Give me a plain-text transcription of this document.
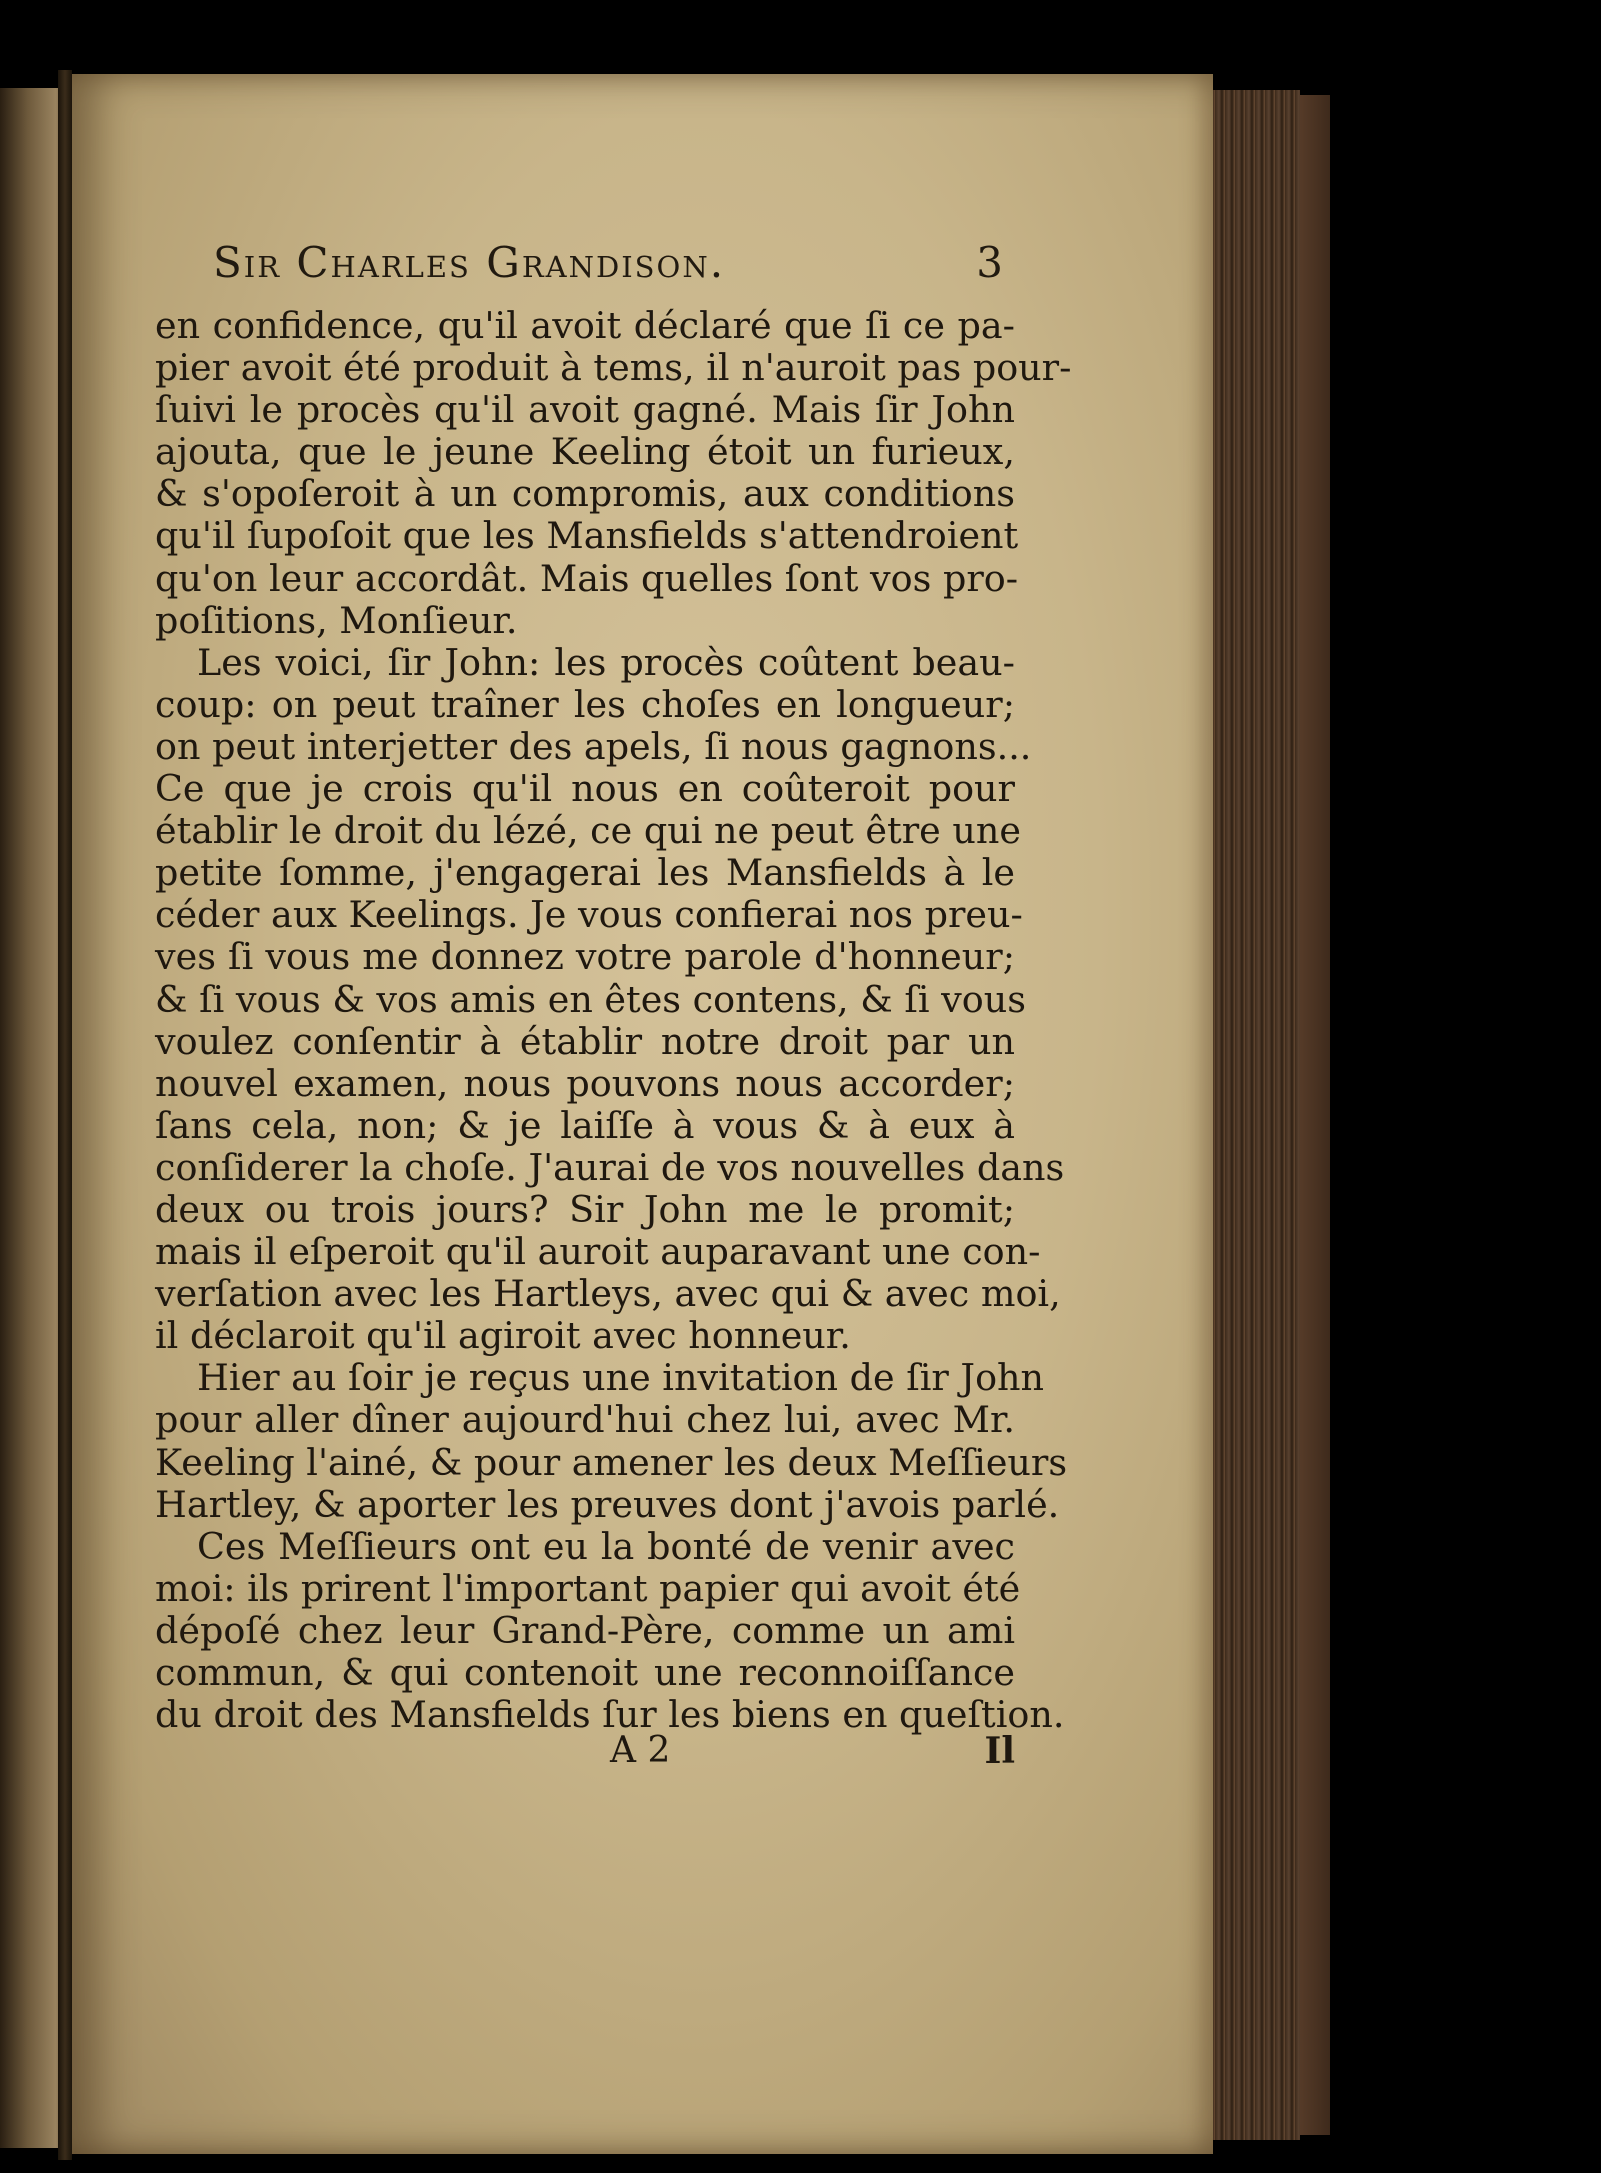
Sir Charles Grandison.	3
en confidence, qu'il avoit déclaré que ſi ce pa-
pier avoit été produit à tems, il n'auroit pas pour-
ſuivi le procès qu'il avoit gagné. Mais ſir John
ajouta, que le jeune Keeling étoit un furieux,
& s'opoſeroit à un compromis, aux conditions
qu'il ſupoſoit que les Mansfields s'attendroient
qu'on leur accordât. Mais quelles ſont vos pro-
poſitions, Monſieur.
Les voici, ſir John: les procès coûtent beau-
coup: on peut traîner les choſes en longueur;
on peut interjetter des apels, ſi nous gagnons...
Ce que je crois qu'il nous en coûteroit pour
établir le droit du lézé, ce qui ne peut être une
petite ſomme, j'engagerai les Mansfields à le
céder aux Keelings. Je vous confierai nos preu-
ves ſi vous me donnez votre parole d'honneur;
& ſi vous & vos amis en êtes contens, & ſi vous
voulez conſentir à établir notre droit par un
nouvel examen, nous pouvons nous accorder;
ſans cela, non; & je laiſſe à vous & à eux à
conſiderer la choſe. J'aurai de vos nouvelles dans
deux ou trois jours? Sir John me le promit;
mais il eſperoit qu'il auroit auparavant une con-
verſation avec les Hartleys, avec qui & avec moi,
il déclaroit qu'il agiroit avec honneur.
Hier au ſoir je reçus une invitation de ſir John
pour aller dîner aujourd'hui chez lui, avec Mr.
Keeling l'ainé, & pour amener les deux Meſſieurs
Hartley, & aporter les preuves dont j'avois parlé.
Ces Meſſieurs ont eu la bonté de venir avec
moi: ils prirent l'important papier qui avoit été
dépoſé chez leur Grand-Père, comme un ami
commun, & qui contenoit une reconnoiſſance
du droit des Mansfields ſur les biens en queſtion.
A 2	Il
